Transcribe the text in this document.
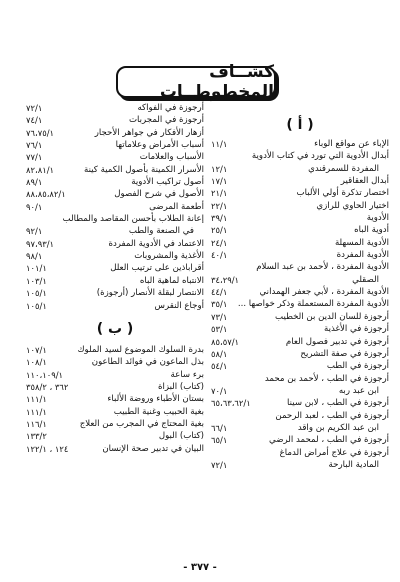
كشــاف المخطوطــات
( أ )
الإباء عن مواقع الوباء
١١/١
أبدال الأدوية التي تورد في كتاب الأدوية
المفردة للسمرقندي
١٢/١
أبدال العقاقير
١٧/١
اختصار تذكرة أولي الألباب
٢١/١
اختيار الحاوي للرازي
٢٢/١
الأدوية
٣٩/١
أدوية الباه
٢٥/١
الأدوية المسهلة
٢٤/١
الأدوية المفردة
٤٠/١
الأدوية المفردة ، لأحمد بن عبد السلام
الصقلي
٣٤،٢٩/١
الأدوية المفردة ، لأبي جعفر الهمداني
٤٤/١
الأدوية المفردة المستعملة وذكر خواصها ...
٣٥/١
أرجوزة للسان الدين بن الخطيب
٧٣/١
أرجوزة في الأغذية
٥٣/١
أرجوزة في تدبير فصول العام
٨٥،٥٧/١
أرجوزة في صفة التشريح
٥٨/١
أرجوزة في الطب
٥٤/١
أرجوزة في الطب ، لأحمد بن محمد
ابن عبد ربه
٧٠/١
أرجوزة في الطب ، لابن سينا
٦٥،٦٣،٦٢/١
أرجوزة في الطب ، لعبد الرحمن
ابن عبد الكريم بن واقد
٦٦/١
أرجوزة في الطب ، لمحمد الرضي
٦٥/١
أرجوزة في علاج أمراض الدماغ
المادية البارحة
٧٢/١
أرجوزة في الفواكه
٧٢/١
أرجوزة في المجربات
٧٤/١
أزهار الأفكار في جواهر الأحجار
٧٦،٧٥/١
أسباب الأمراض وعلاماتها
٧٦/١
الأسباب والعلامات
٧٧/١
الأسرار الكمينة بأصول الكمية كينة
٨٢،٨١/١
أصول تراكيب الأدوية
٨٩/١
الأصول في شرح الفصول
٨٨،٨٥،٨٢/١
أطعمة المرضى
٩٠/١
إعانة الطلاب بأحسن المقاصد والمطالب
في الصنعة والطب
٩٢/١
الاعتماد في الأدوية المفردة
٩٧،٩٣/١
الأغذية والمشروبات
٩٨/١
أقراباذين على ترتيب العلل
١٠١/١
الانتباه لماهية الباه
١٠٣/١
الانتصار لبقلة الأنصار (أرجوزة)
١٠٥/١
أوجاع النقرس
١٠٥/١
( ب )
بدرة السلوك الموضوع لسيد الملوك
١٠٧/١
بذل الماعون في فوائد الطاعون
١٠٨/١
برء ساعة
١١٠،١٠٩/١
(كتاب) البزاة
٣٦٢ ، ٣٥٨/٢
بستان الأطباء وروضة الألباء
١١١/١
بغية الحبيب وغنية الطبيب
١١١/١
بغية المحتاج في المجرب من العلاج
١١٦/١
(كتاب) البول
١٣٣/٢
البيان في تدبير صحة الإنسان
١٢٤ ، ١٢٢/١
- ٣٧٧ -
